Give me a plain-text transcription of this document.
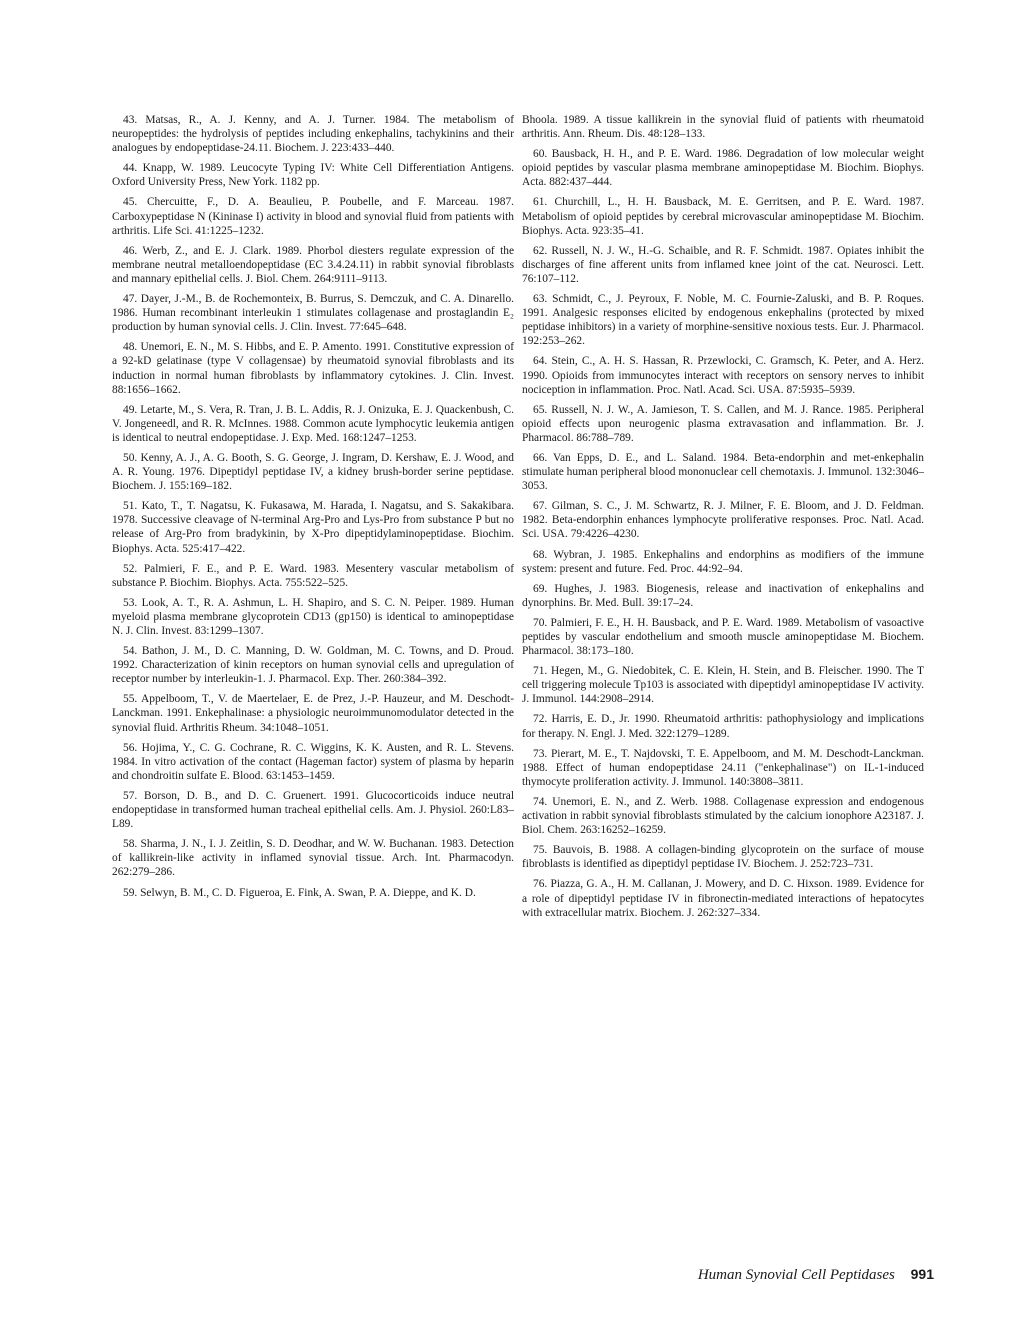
43. Matsas, R., A. J. Kenny, and A. J. Turner. 1984. The metabolism of neuropeptides: the hydrolysis of peptides including enkephalins, tachykinins and their analogues by endopeptidase-24.11. Biochem. J. 223:433–440.

44. Knapp, W. 1989. Leucocyte Typing IV: White Cell Differentiation Antigens. Oxford University Press, New York. 1182 pp.

45. Chercuitte, F., D. A. Beaulieu, P. Poubelle, and F. Marceau. 1987. Carboxypeptidase N (Kininase I) activity in blood and synovial fluid from patients with arthritis. Life Sci. 41:1225–1232.

46. Werb, Z., and E. J. Clark. 1989. Phorbol diesters regulate expression of the membrane neutral metalloendopeptidase (EC 3.4.24.11) in rabbit synovial fibroblasts and mannary epithelial cells. J. Biol. Chem. 264:9111–9113.

47. Dayer, J.-M., B. de Rochemonteix, B. Burrus, S. Demczuk, and C. A. Dinarello. 1986. Human recombinant interleukin 1 stimulates collagenase and prostaglandin E₂ production by human synovial cells. J. Clin. Invest. 77:645–648.

48. Unemori, E. N., M. S. Hibbs, and E. P. Amento. 1991. Constitutive expression of a 92-kD gelatinase (type V collagensae) by rheumatoid synovial fibroblasts and its induction in normal human fibroblasts by inflammatory cytokines. J. Clin. Invest. 88:1656–1662.

49. Letarte, M., S. Vera, R. Tran, J. B. L. Addis, R. J. Onizuka, E. J. Quackenbush, C. V. Jongeneedl, and R. R. McInnes. 1988. Common acute lymphocytic leukemia antigen is identical to neutral endopeptidase. J. Exp. Med. 168:1247–1253.

50. Kenny, A. J., A. G. Booth, S. G. George, J. Ingram, D. Kershaw, E. J. Wood, and A. R. Young. 1976. Dipeptidyl peptidase IV, a kidney brush-border serine peptidase. Biochem. J. 155:169–182.

51. Kato, T., T. Nagatsu, K. Fukasawa, M. Harada, I. Nagatsu, and S. Sakakibara. 1978. Successive cleavage of N-terminal Arg-Pro and Lys-Pro from substance P but no release of Arg-Pro from bradykinin, by X-Pro dipeptidylaminopeptidase. Biochim. Biophys. Acta. 525:417–422.

52. Palmieri, F. E., and P. E. Ward. 1983. Mesentery vascular metabolism of substance P. Biochim. Biophys. Acta. 755:522–525.

53. Look, A. T., R. A. Ashmun, L. H. Shapiro, and S. C. N. Peiper. 1989. Human myeloid plasma membrane glycoprotein CD13 (gp150) is identical to aminopeptidase N. J. Clin. Invest. 83:1299–1307.

54. Bathon, J. M., D. C. Manning, D. W. Goldman, M. C. Towns, and D. Proud. 1992. Characterization of kinin receptors on human synovial cells and upregulation of receptor number by interleukin-1. J. Pharmacol. Exp. Ther. 260:384–392.

55. Appelboom, T., V. de Maertelaer, E. de Prez, J.-P. Hauzeur, and M. Deschodt-Lanckman. 1991. Enkephalinase: a physiologic neuroimmunomodulator detected in the synovial fluid. Arthritis Rheum. 34:1048–1051.

56. Hojima, Y., C. G. Cochrane, R. C. Wiggins, K. K. Austen, and R. L. Stevens. 1984. In vitro activation of the contact (Hageman factor) system of plasma by heparin and chondroitin sulfate E. Blood. 63:1453–1459.

57. Borson, D. B., and D. C. Gruenert. 1991. Glucocorticoids induce neutral endopeptidase in transformed human tracheal epithelial cells. Am. J. Physiol. 260:L83–L89.

58. Sharma, J. N., I. J. Zeitlin, S. D. Deodhar, and W. W. Buchanan. 1983. Detection of kallikrein-like activity in inflamed synovial tissue. Arch. Int. Pharmacodyn. 262:279–286.

59. Selwyn, B. M., C. D. Figueroa, E. Fink, A. Swan, P. A. Dieppe, and K. D.

Bhoola. 1989. A tissue kallikrein in the synovial fluid of patients with rheumatoid arthritis. Ann. Rheum. Dis. 48:128–133.

60. Bausback, H. H., and P. E. Ward. 1986. Degradation of low molecular weight opioid peptides by vascular plasma membrane aminopeptidase M. Biochim. Biophys. Acta. 882:437–444.

61. Churchill, L., H. H. Bausback, M. E. Gerritsen, and P. E. Ward. 1987. Metabolism of opioid peptides by cerebral microvascular aminopeptidase M. Biochim. Biophys. Acta. 923:35–41.

62. Russell, N. J. W., H.-G. Schaible, and R. F. Schmidt. 1987. Opiates inhibit the discharges of fine afferent units from inflamed knee joint of the cat. Neurosci. Lett. 76:107–112.

63. Schmidt, C., J. Peyroux, F. Noble, M. C. Fournie-Zaluski, and B. P. Roques. 1991. Analgesic responses elicited by endogenous enkephalins (protected by mixed peptidase inhibitors) in a variety of morphine-sensitive noxious tests. Eur. J. Pharmacol. 192:253–262.

64. Stein, C., A. H. S. Hassan, R. Przewlocki, C. Gramsch, K. Peter, and A. Herz. 1990. Opioids from immunocytes interact with receptors on sensory nerves to inhibit nociception in inflammation. Proc. Natl. Acad. Sci. USA. 87:5935–5939.

65. Russell, N. J. W., A. Jamieson, T. S. Callen, and M. J. Rance. 1985. Peripheral opioid effects upon neurogenic plasma extravasation and inflammation. Br. J. Pharmacol. 86:788–789.

66. Van Epps, D. E., and L. Saland. 1984. Beta-endorphin and met-enkephalin stimulate human peripheral blood mononuclear cell chemotaxis. J. Immunol. 132:3046–3053.

67. Gilman, S. C., J. M. Schwartz, R. J. Milner, F. E. Bloom, and J. D. Feldman. 1982. Beta-endorphin enhances lymphocyte proliferative responses. Proc. Natl. Acad. Sci. USA. 79:4226–4230.

68. Wybran, J. 1985. Enkephalins and endorphins as modifiers of the immune system: present and future. Fed. Proc. 44:92–94.

69. Hughes, J. 1983. Biogenesis, release and inactivation of enkephalins and dynorphins. Br. Med. Bull. 39:17–24.

70. Palmieri, F. E., H. H. Bausback, and P. E. Ward. 1989. Metabolism of vasoactive peptides by vascular endothelium and smooth muscle aminopeptidase M. Biochem. Pharmacol. 38:173–180.

71. Hegen, M., G. Niedobitek, C. E. Klein, H. Stein, and B. Fleischer. 1990. The T cell triggering molecule Tp103 is associated with dipeptidyl aminopeptidase IV activity. J. Immunol. 144:2908–2914.

72. Harris, E. D., Jr. 1990. Rheumatoid arthritis: pathophysiology and implications for therapy. N. Engl. J. Med. 322:1279–1289.

73. Pierart, M. E., T. Najdovski, T. E. Appelboom, and M. M. Deschodt-Lanckman. 1988. Effect of human endopeptidase 24.11 ("enkephalinase") on IL-1-induced thymocyte proliferation activity. J. Immunol. 140:3808–3811.

74. Unemori, E. N., and Z. Werb. 1988. Collagenase expression and endogenous activation in rabbit synovial fibroblasts stimulated by the calcium ionophore A23187. J. Biol. Chem. 263:16252–16259.

75. Bauvois, B. 1988. A collagen-binding glycoprotein on the surface of mouse fibroblasts is identified as dipeptidyl peptidase IV. Biochem. J. 252:723–731.

76. Piazza, G. A., H. M. Callanan, J. Mowery, and D. C. Hixson. 1989. Evidence for a role of dipeptidyl peptidase IV in fibronectin-mediated interactions of hepatocytes with extracellular matrix. Biochem. J. 262:327–334.

Human Synovial Cell Peptidases 991
